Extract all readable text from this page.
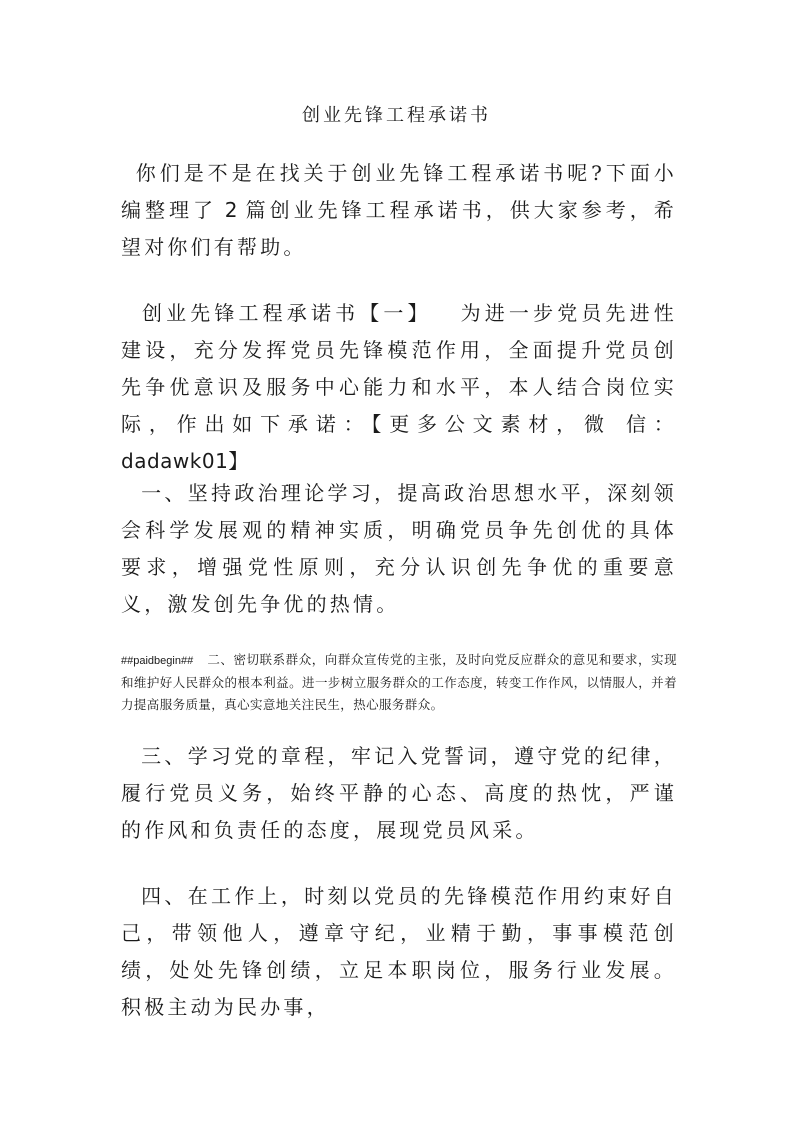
创业先锋工程承诺书

你们是不是在找关于创业先锋工程承诺书呢?下面小编整理了 2 篇创业先锋工程承诺书，供大家参考，希望对你们有帮助。

创业先锋工程承诺书【一】 为进一步党员先进性建设，充分发挥党员先锋模范作用，全面提升党员创先争优意识及服务中心能力和水平，本人结合岗位实际，作出如下承诺：【更多公文素材，微 信：dadawk01】

一、坚持政治理论学习，提高政治思想水平，深刻领会科学发展观的精神实质，明确党员争先创优的具体要求，增强党性原则，充分认识创先争优的重要意义，激发创先争优的热情。

##paidbegin## 二、密切联系群众，向群众宣传党的主张，及时向党反应群众的意见和要求，实现和维护好人民群众的根本利益。进一步树立服务群众的工作态度，转变工作作风，以情服人，并着力提高服务质量，真心实意地关注民生，热心服务群众。

三、学习党的章程，牢记入党誓词，遵守党的纪律，履行党员义务，始终平静的心态、高度的热忱，严谨的作风和负责任的态度，展现党员风采。

四、在工作上，时刻以党员的先锋模范作用约束好自己，带领他人，遵章守纪，业精于勤，事事模范创绩，处处先锋创绩，立足本职岗位，服务行业发展。积极主动为民办事，
